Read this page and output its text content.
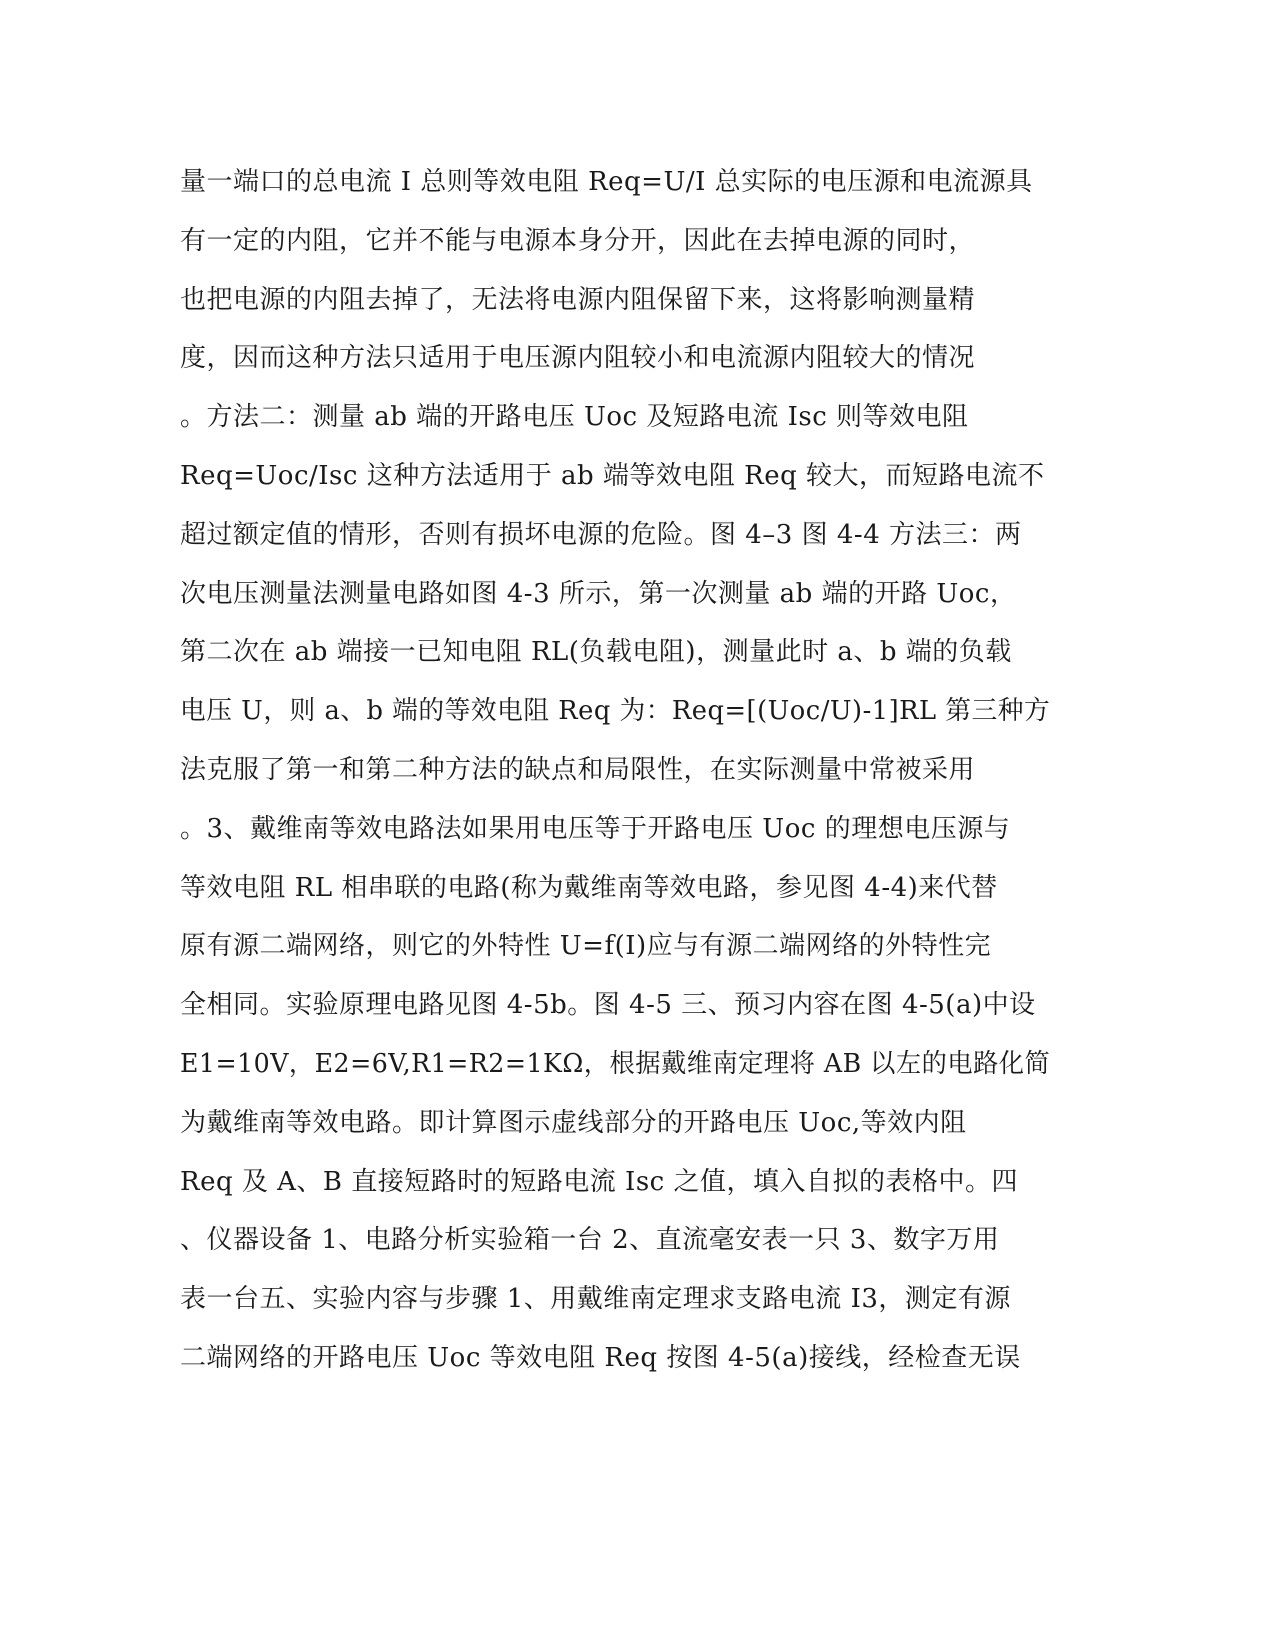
量一端口的总电流 I 总则等效电阻 Req=U/I 总实际的电压源和电流源具
有一定的内阻，它并不能与电源本身分开，因此在去掉电源的同时，
也把电源的内阻去掉了，无法将电源内阻保留下来，这将影响测量精
度，因而这种方法只适用于电压源内阻较小和电流源内阻较大的情况
。方法二：测量 ab 端的开路电压 Uoc 及短路电流 Isc 则等效电阻
Req=Uoc/Isc 这种方法适用于 ab 端等效电阻 Req 较大，而短路电流不
超过额定值的情形，否则有损坏电源的危险。图 4–3 图 4-4 方法三：两
次电压测量法测量电路如图 4-3 所示，第一次测量 ab 端的开路 Uoc，
第二次在 ab 端接一已知电阻 RL(负载电阻)，测量此时 a、b 端的负载
电压 U，则 a、b 端的等效电阻 Req 为：Req=[(Uoc/U)-1]RL 第三种方
法克服了第一和第二种方法的缺点和局限性，在实际测量中常被采用
。3、戴维南等效电路法如果用电压等于开路电压 Uoc 的理想电压源与
等效电阻 RL 相串联的电路(称为戴维南等效电路，参见图 4-4)来代替
原有源二端网络，则它的外特性 U=f(I)应与有源二端网络的外特性完
全相同。实验原理电路见图 4-5b。图 4-5 三、预习内容在图 4-5(a)中设
E1=10V，E2=6V,R1=R2=1KΩ，根据戴维南定理将 AB 以左的电路化简
为戴维南等效电路。即计算图示虚线部分的开路电压 Uoc,等效内阻
Req 及 A、B 直接短路时的短路电流 Isc 之值，填入自拟的表格中。四
、仪器设备 1、电路分析实验箱一台 2、直流毫安表一只 3、数字万用
表一台五、实验内容与步骤 1、用戴维南定理求支路电流 I3，测定有源
二端网络的开路电压 Uoc 等效电阻 Req 按图 4-5(a)接线，经检查无误
